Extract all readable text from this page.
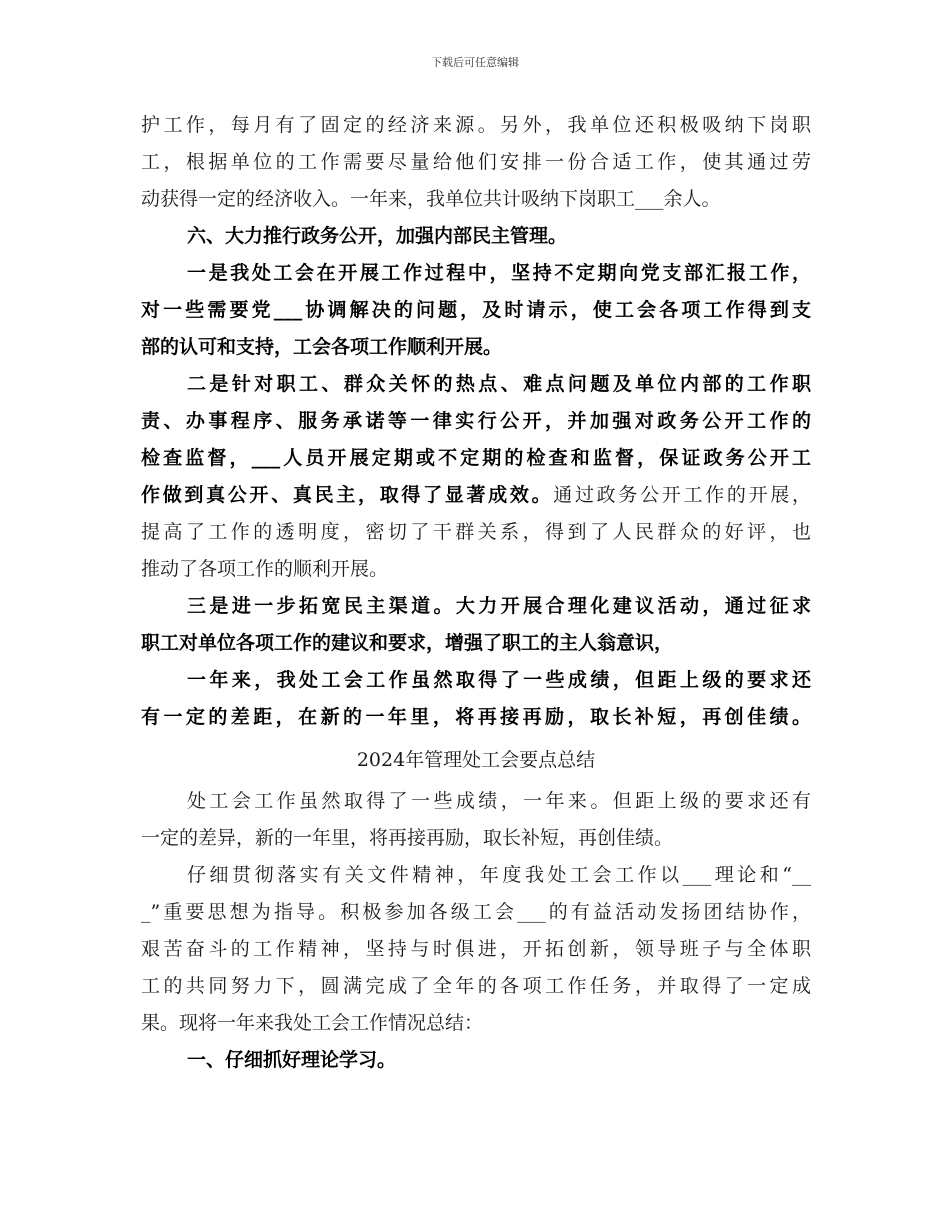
下载后可任意编辑
护工作，每月有了固定的经济来源。另外，我单位还积极吸纳下岗职
工，根据单位的工作需要尽量给他们安排一份合适工作，使其通过劳
动获得一定的经济收入。一年来，我单位共计吸纳下岗职工___余人。
六、大力推行政务公开，加强内部民主管理。
一是我处工会在开展工作过程中，坚持不定期向党支部汇报工作，
对一些需要党___协调解决的问题，及时请示，使工会各项工作得到支
部的认可和支持，工会各项工作顺利开展。
二是针对职工、群众关怀的热点、难点问题及单位内部的工作职
责、办事程序、服务承诺等一律实行公开，并加强对政务公开工作的
检查监督，___人员开展定期或不定期的检查和监督，保证政务公开工
作做到真公开、真民主，取得了显著成效。通过政务公开工作的开展，
提高了工作的透明度，密切了干群关系，得到了人民群众的好评，也
推动了各项工作的顺利开展。
三是进一步拓宽民主渠道。大力开展合理化建议活动，通过征求
职工对单位各项工作的建议和要求，增强了职工的主人翁意识，
一年来，我处工会工作虽然取得了一些成绩，但距上级的要求还
有一定的差距，在新的一年里，将再接再励，取长补短，再创佳绩。
2024年管理处工会要点总结
处工会工作虽然取得了一些成绩，一年来。但距上级的要求还有
一定的差异，新的一年里，将再接再励，取长补短，再创佳绩。
仔细贯彻落实有关文件精神，年度我处工会工作以___理论和“__
_”重要思想为指导。积极参加各级工会___的有益活动发扬团结协作，
艰苦奋斗的工作精神，坚持与时俱进，开拓创新，领导班子与全体职
工的共同努力下，圆满完成了全年的各项工作任务，并取得了一定成
果。现将一年来我处工会工作情况总结：
一、仔细抓好理论学习。
